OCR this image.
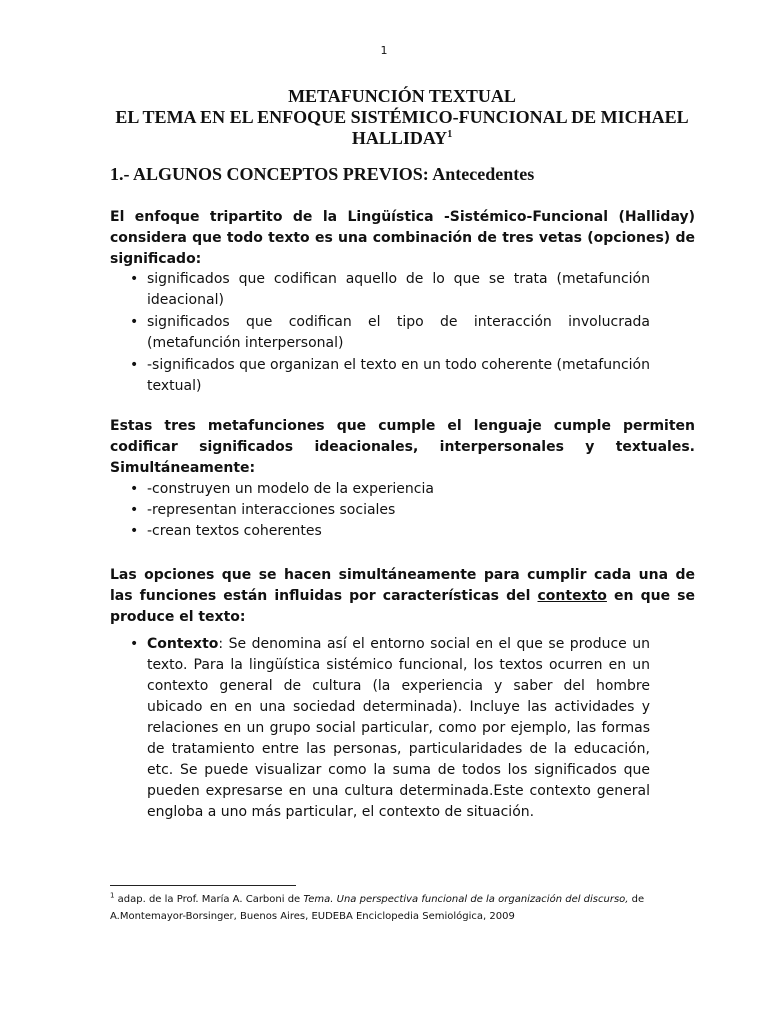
1
METAFUNCIÓN TEXTUAL
EL TEMA EN EL ENFOQUE SISTÉMICO-FUNCIONAL DE MICHAEL HALLIDAY$^1$
1.- ALGUNOS CONCEPTOS PREVIOS: Antecedentes
El enfoque tripartito de la Lingüística -Sistémico-Funcional (Halliday) considera que todo texto es una combinación de tres vetas (opciones) de significado:
• significados que codifican aquello de lo que se trata (metafunción ideacional)
• significados que codifican el tipo de interacción involucrada (metafunción interpersonal)
• -significados que organizan el texto en un todo coherente (metafunción textual)
Estas tres metafunciones que cumple el lenguaje cumple permiten codificar significados ideacionales, interpersonales y textuales. Simultáneamente:
• -construyen un modelo de la experiencia
• -representan interacciones sociales
• -crean textos coherentes
Las opciones que se hacen simultáneamente para cumplir cada una de las funciones están influidas por características del contexto en que se produce el texto:
• Contexto: Se denomina así el entorno social en el que se produce un texto. Para la lingüística sistémico funcional, los textos ocurren en un contexto general de cultura (la experiencia y saber del hombre ubicado en en una sociedad determinada). Incluye las actividades y relaciones en un grupo social particular, como por ejemplo, las formas de tratamiento entre las personas, particularidades de la educación, etc. Se puede visualizar como la suma de todos los significados que pueden expresarse en una cultura determinada.Este contexto general engloba a uno más particular, el contexto de situación.
$^1$ adap. de la Prof. María A. Carboni de Tema. Una perspectiva funcional de la organización del discurso, de A.Montemayor-Borsinger, Buenos Aires, EUDEBA Enciclopedia Semiológica, 2009
